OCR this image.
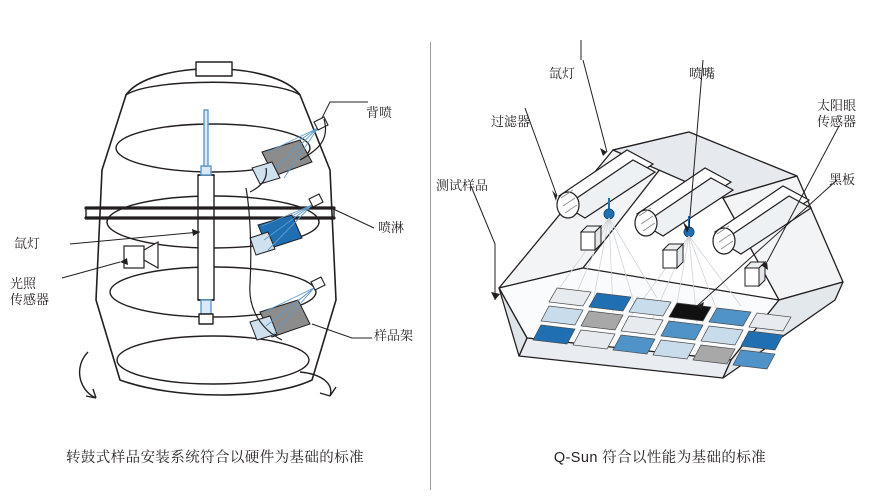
背喷
喷淋
样品架
氙灯
光照
传感器
转鼓式样品安装系统符合以硬件为基础的标准
氙灯	喷嘴
过滤器
测试样品
太阳眼
传感器
黑板
Q-Sun 符合以性能为基础的标准
